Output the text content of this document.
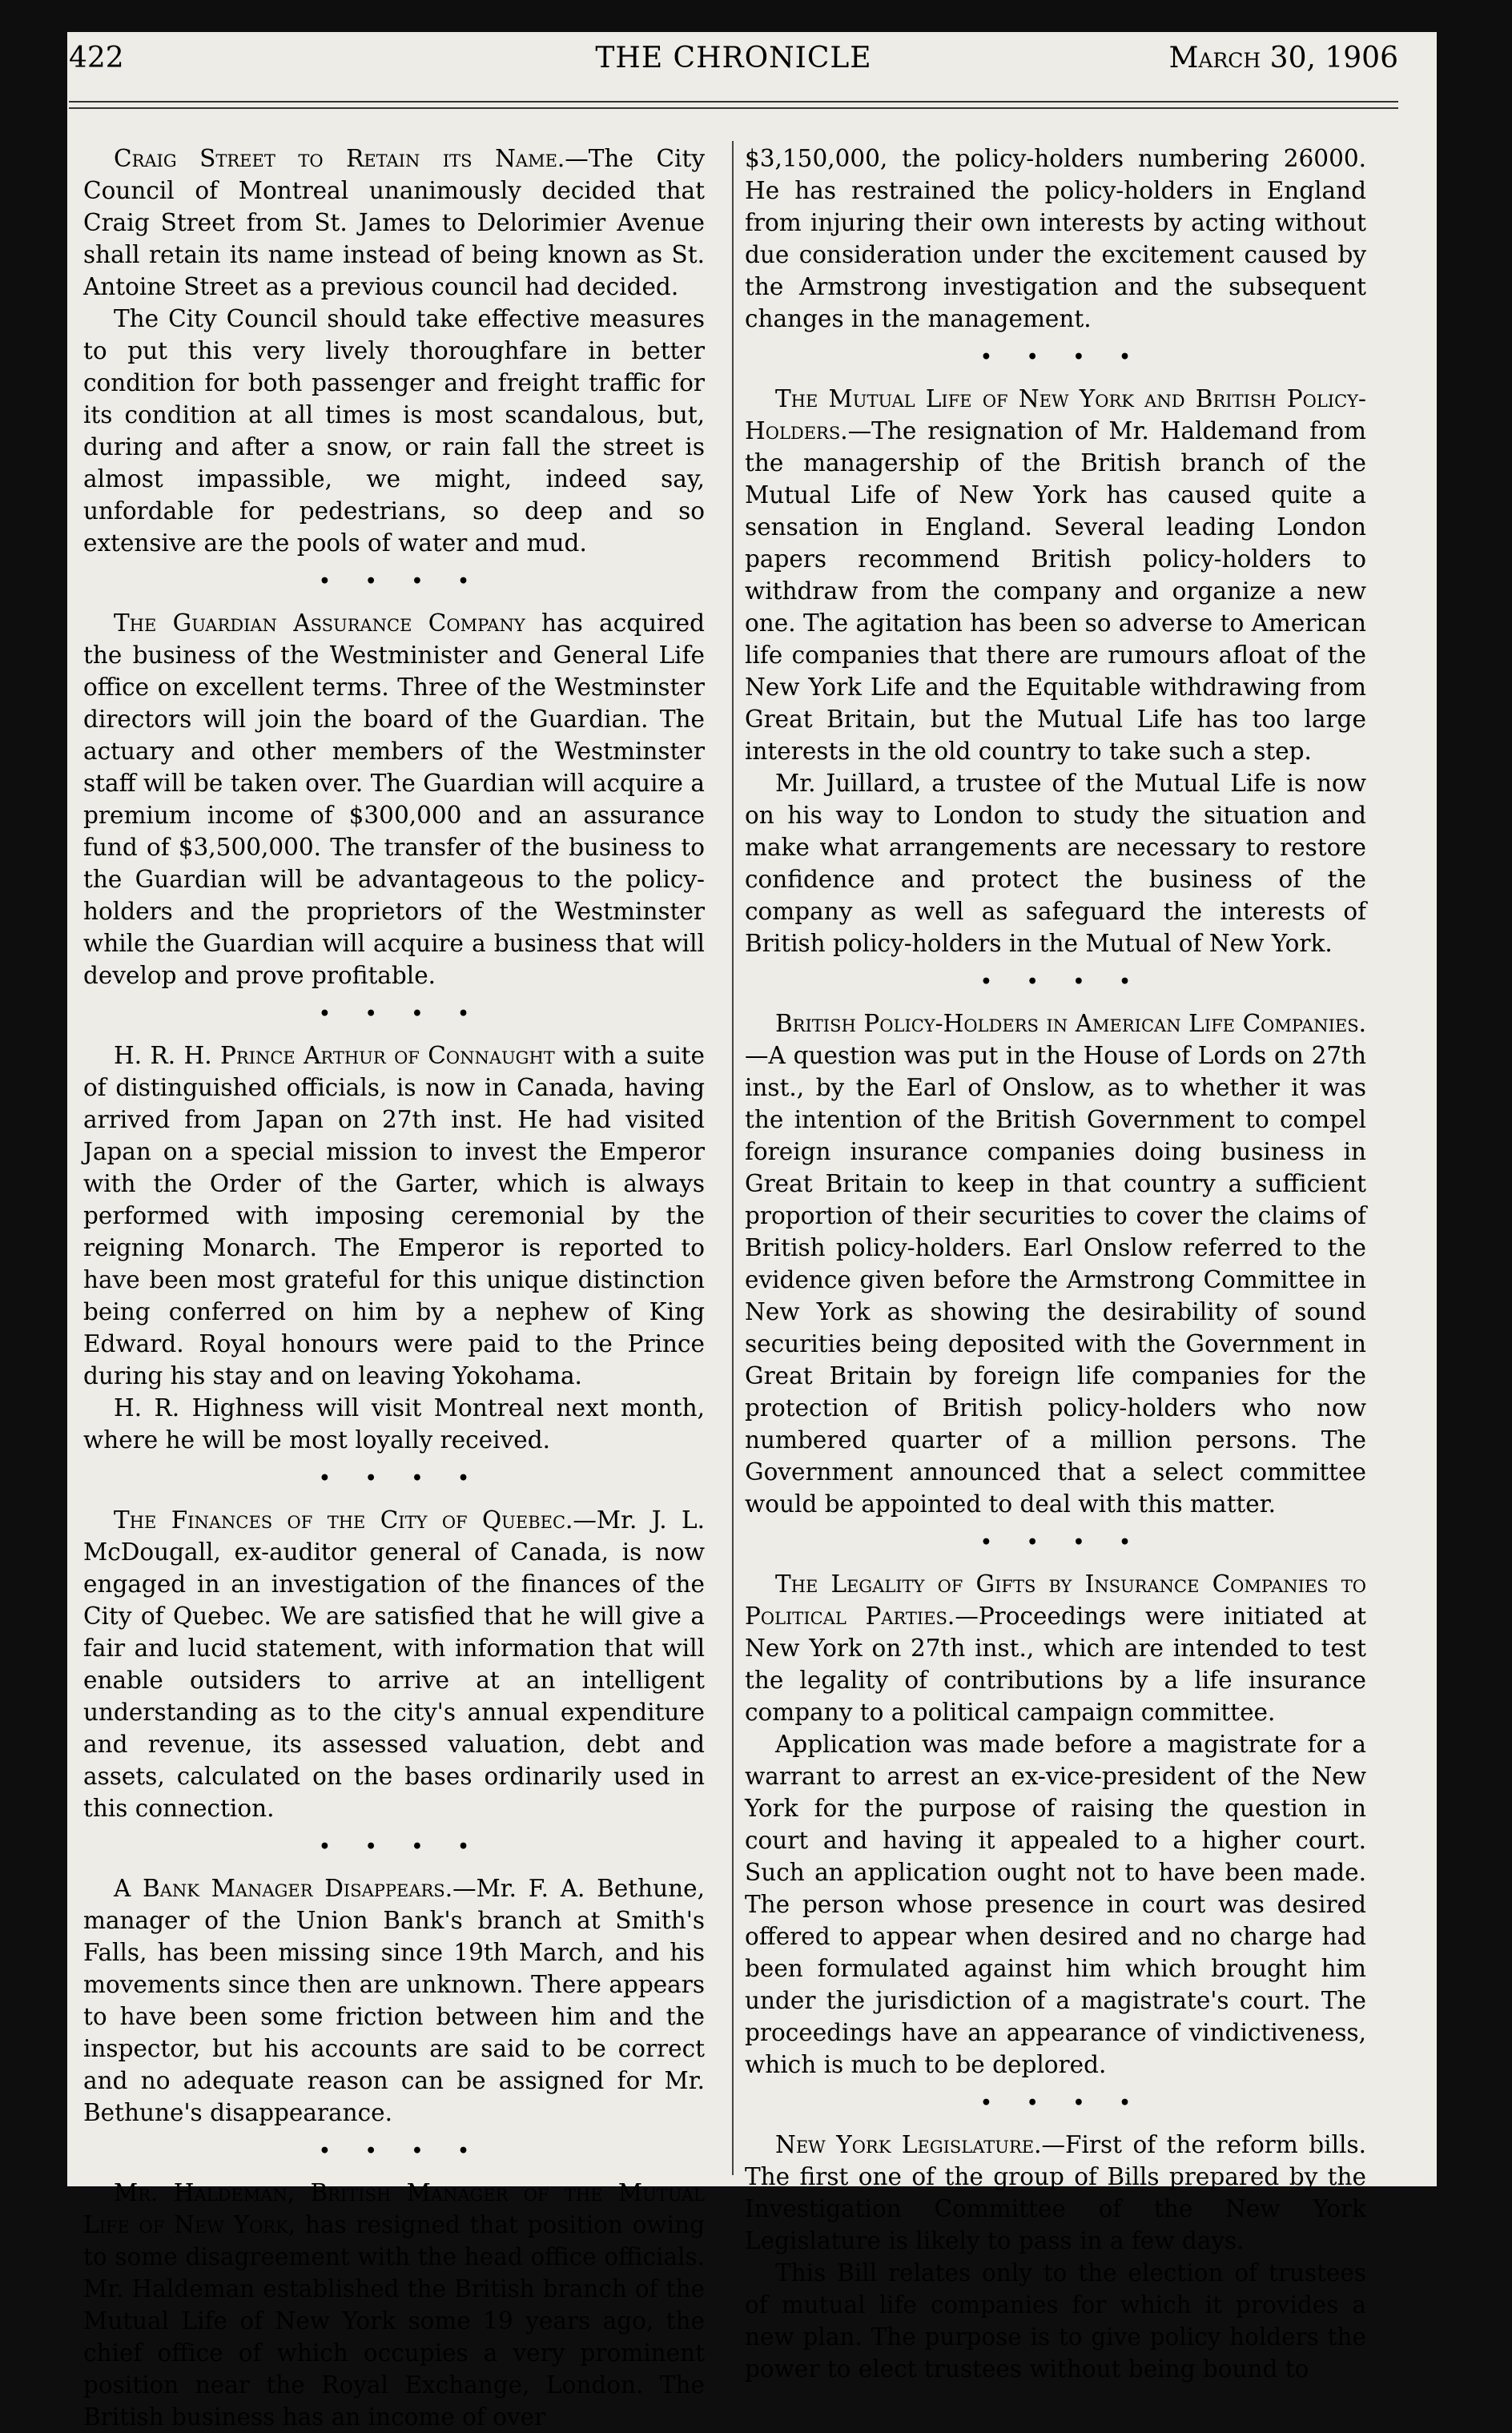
422	THE CHRONICLE	March 30, 1906

Craig Street to Retain its Name.—The City Council of Montreal unanimously decided that Craig Street from St. James to Delorimier Avenue shall retain its name instead of being known as St. Antoine Street as a previous council had decided.

The City Council should take effective measures to put this very lively thoroughfare in better condition for both passenger and freight traffic for its condition at all times is most scandalous, but, during and after a snow, or rain fall the street is almost impassible, we might, indeed say, unfordable for pedestrians, so deep and so extensive are the pools of water and mud.

• • • •

The Guardian Assurance Company has acquired the business of the Westminister and General Life office on excellent terms. Three of the Westminster directors will join the board of the Guardian. The actuary and other members of the Westminster staff will be taken over. The Guardian will acquire a premium income of $300,000 and an assurance fund of $3,500,000. The transfer of the business to the Guardian will be advantageous to the policy-holders and the proprietors of the Westminster while the Guardian will acquire a business that will develop and prove profitable.

• • • •

H. R. H. Prince Arthur of Connaught with a suite of distinguished officials, is now in Canada, having arrived from Japan on 27th inst. He had visited Japan on a special mission to invest the Emperor with the Order of the Garter, which is always performed with imposing ceremonial by the reigning Monarch. The Emperor is reported to have been most grateful for this unique distinction being conferred on him by a nephew of King Edward. Royal honours were paid to the Prince during his stay and on leaving Yokohama.

H. R. Highness will visit Montreal next month, where he will be most loyally received.

• • • •

The Finances of the City of Quebec.—Mr. J. L. McDougall, ex-auditor general of Canada, is now engaged in an investigation of the finances of the City of Quebec. We are satisfied that he will give a fair and lucid statement, with information that will enable outsiders to arrive at an intelligent understanding as to the city's annual expenditure and revenue, its assessed valuation, debt and assets, calculated on the bases ordinarily used in this connection.

• • • •

A Bank Manager Disappears.—Mr. F. A. Bethune, manager of the Union Bank's branch at Smith's Falls, has been missing since 19th March, and his movements since then are unknown. There appears to have been some friction between him and the inspector, but his accounts are said to be correct and no adequate reason can be assigned for Mr. Bethune's disappearance.

• • • •

Mr. Haldeman, British Manager of the Mutual Life of New York, has resigned that position owing to some disagreement with the head office officials. Mr. Haldeman established the British branch of the Mutual Life of New York some 19 years ago, the chief office of which occupies a very prominent position near the Royal Exchange, London. The British business has an income of over

$3,150,000, the policy-holders numbering 26000. He has restrained the policy-holders in England from injuring their own interests by acting without due consideration under the excitement caused by the Armstrong investigation and the subsequent changes in the management.

• • • •

The Mutual Life of New York and British Policy-Holders.—The resignation of Mr. Haldemand from the managership of the British branch of the Mutual Life of New York has caused quite a sensation in England. Several leading London papers recommend British policy-holders to withdraw from the company and organize a new one. The agitation has been so adverse to American life companies that there are rumours afloat of the New York Life and the Equitable withdrawing from Great Britain, but the Mutual Life has too large interests in the old country to take such a step.

Mr. Juillard, a trustee of the Mutual Life is now on his way to London to study the situation and make what arrangements are necessary to restore confidence and protect the business of the company as well as safeguard the interests of British policy-holders in the Mutual of New York.

• • • •

British Policy-Holders in American Life Companies.—A question was put in the House of Lords on 27th inst., by the Earl of Onslow, as to whether it was the intention of the British Government to compel foreign insurance companies doing business in Great Britain to keep in that country a sufficient proportion of their securities to cover the claims of British policy-holders. Earl Onslow referred to the evidence given before the Armstrong Committee in New York as showing the desirability of sound securities being deposited with the Government in Great Britain by foreign life companies for the protection of British policy-holders who now numbered quarter of a million persons. The Government announced that a select committee would be appointed to deal with this matter.

• • • •

The Legality of Gifts by Insurance Companies to Political Parties.—Proceedings were initiated at New York on 27th inst., which are intended to test the legality of contributions by a life insurance company to a political campaign committee.

Application was made before a magistrate for a warrant to arrest an ex-vice-president of the New York for the purpose of raising the question in court and having it appealed to a higher court. Such an application ought not to have been made. The person whose presence in court was desired offered to appear when desired and no charge had been formulated against him which brought him under the jurisdiction of a magistrate's court. The proceedings have an appearance of vindictiveness, which is much to be deplored.

• • • •

New York Legislature.—First of the reform bills. The first one of the group of Bills prepared by the Investigation Committee of the New York Legislature is likely to pass in a few days.

This Bill relates only to the election of trustees of mutual life companies for which it provides a new plan. The purpose is to give policy holders the power to elect trustees without being bound to
